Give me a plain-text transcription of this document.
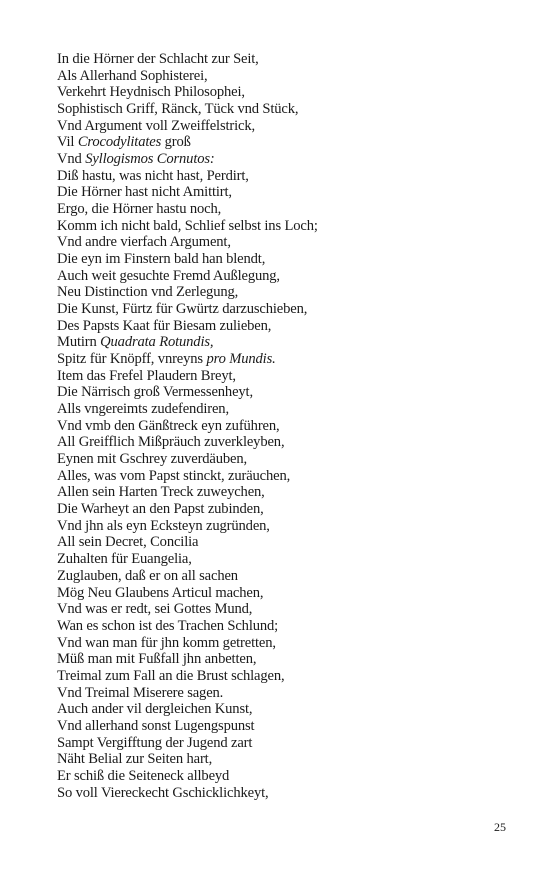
In die Hörner der Schlacht zur Seit,
Als Allerhand Sophisterei,
Verkehrt Heydnisch Philosophei,
Sophistisch Griff, Ränck, Tück vnd Stück,
Vnd Argument voll Zweiffelstrick,
Vil Crocodylitates groß
Vnd Syllogismos Cornutos:
Diß hastu, was nicht hast, Perdirt,
Die Hörner hast nicht Amittirt,
Ergo, die Hörner hastu noch,
Komm ich nicht bald, Schlief selbst ins Loch;
Vnd andre vierfach Argument,
Die eyn im Finstern bald han blendt,
Auch weit gesuchte Fremd Außlegung,
Neu Distinction vnd Zerlegung,
Die Kunst, Fürtz für Gwürtz darzuschieben,
Des Papsts Kaat für Biesam zulieben,
Mutirn Quadrata Rotundis,
Spitz für Knöpff, vnreyns pro Mundis.
Item das Frefel Plaudern Breyt,
Die Närrisch groß Vermessenheyt,
Alls vngereimts zudefendiren,
Vnd vmb den Gänßtreck eyn zuführen,
All Greifflich Mißpräuch zuverkleyben,
Eynen mit Gschrey zuverdäuben,
Alles, was vom Papst stinckt, zuräuchen,
Allen sein Harten Treck zuweychen,
Die Warheyt an den Papst zubinden,
Vnd jhn als eyn Ecksteyn zugründen,
All sein Decret, Concilia
Zuhalten für Euangelia,
Zuglauben, daß er on all sachen
Mög Neu Glaubens Articul machen,
Vnd was er redt, sei Gottes Mund,
Wan es schon ist des Trachen Schlund;
Vnd wan man für jhn komm getretten,
Müß man mit Fußfall jhn anbetten,
Treimal zum Fall an die Brust schlagen,
Vnd Treimal Miserere sagen.
Auch ander vil dergleichen Kunst,
Vnd allerhand sonst Lugengspunst
Sampt Vergifftung der Jugend zart
Näht Belial zur Seiten hart,
Er schiß die Seiteneck allbeyd
So voll Viereckecht Gschicklichkeyt,
25
